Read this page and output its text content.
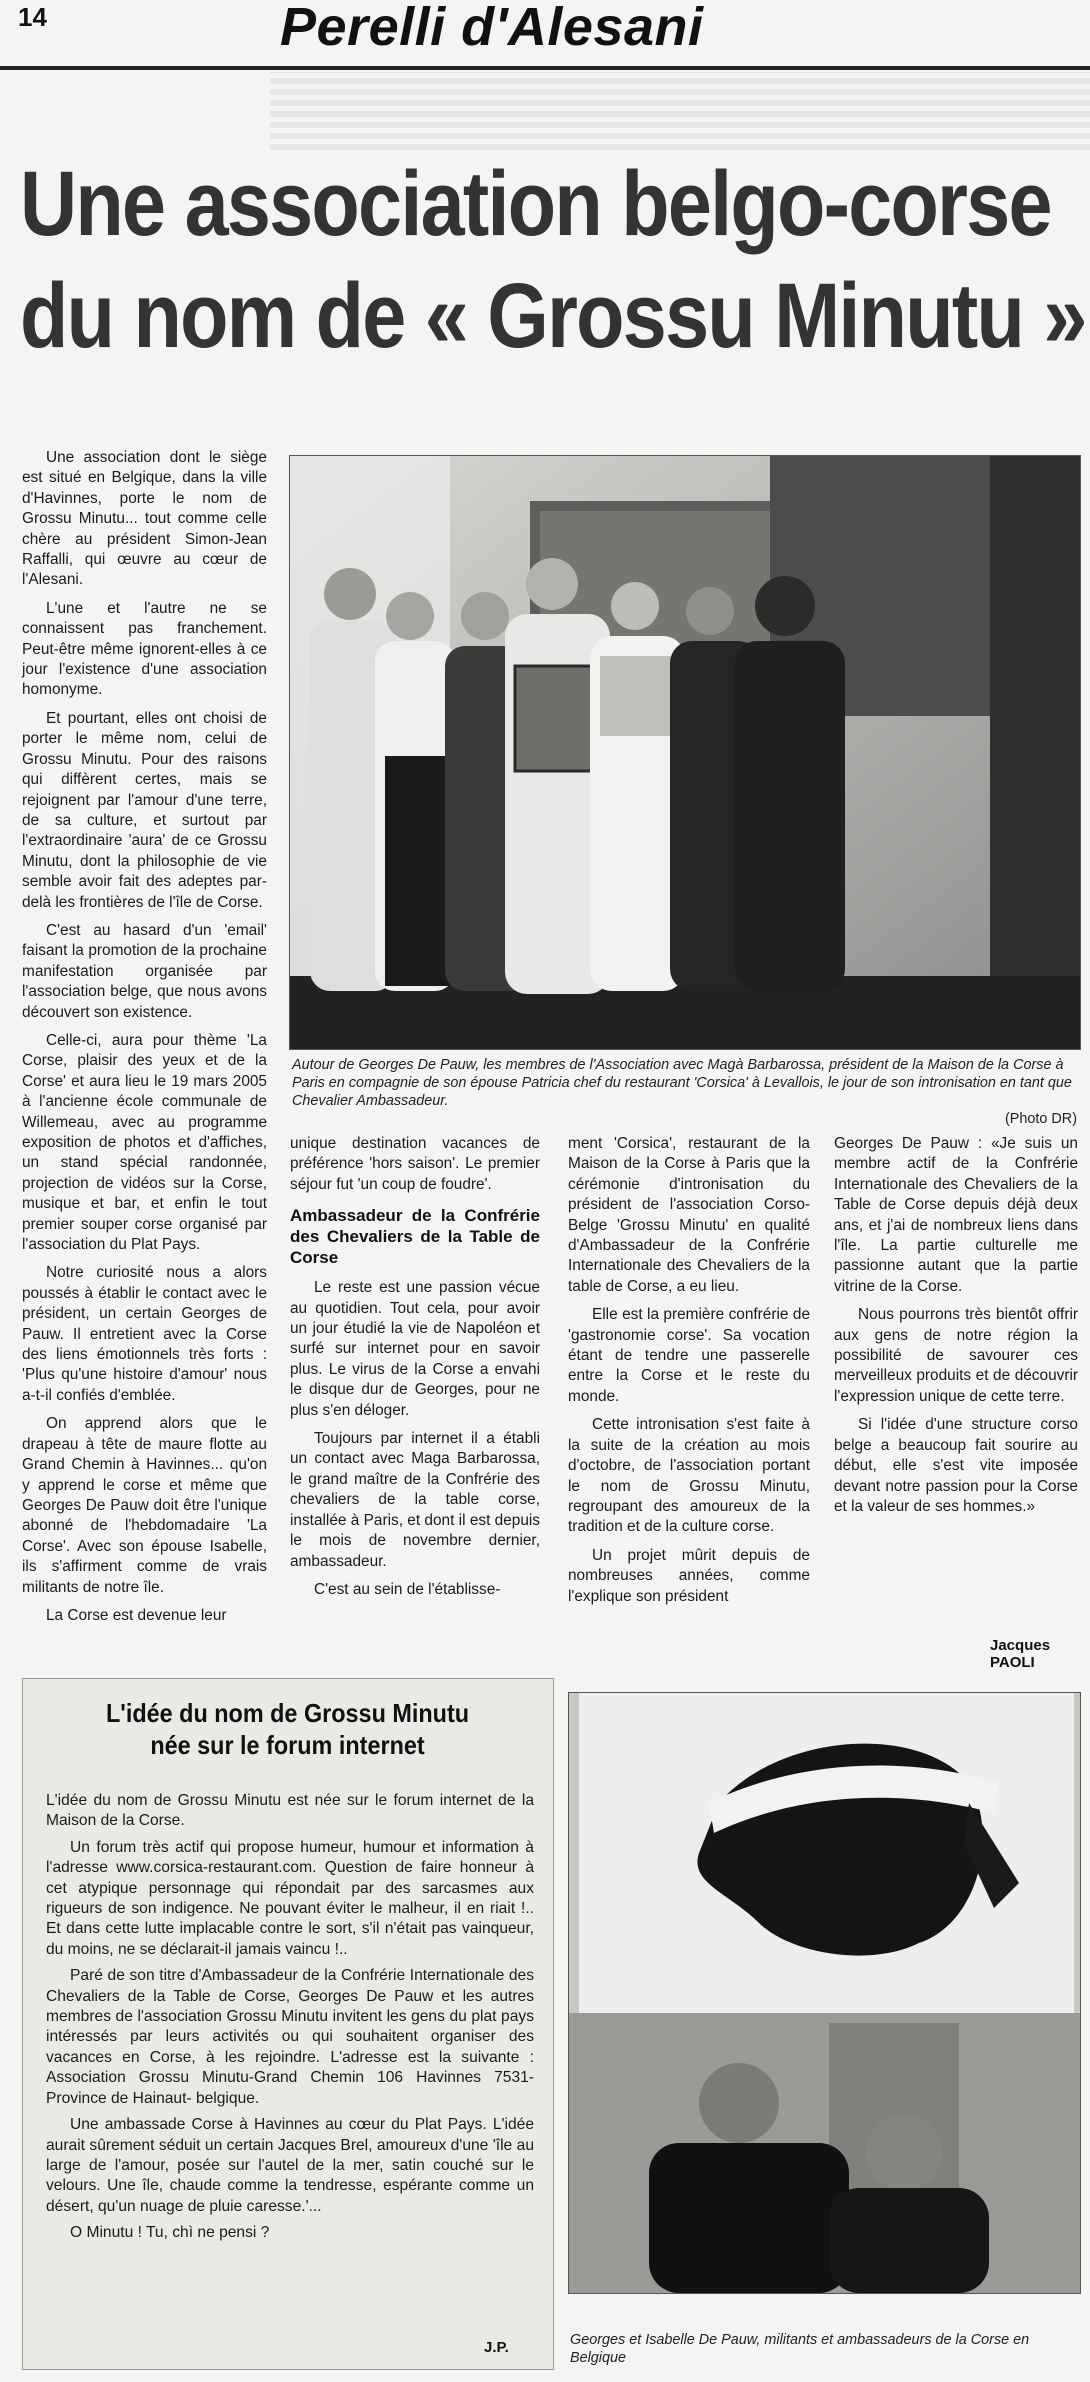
14	Perelli d'Alesani
Une association belgo-corse
du nom de « Grossu Minutu »

Une association dont le siège est situé en Belgique, dans la ville d'Havinnes, porte le nom de Grossu Minutu... tout comme celle chère au président Simon-Jean Raffalli, qui œuvre au cœur de l'Alesani.

L'une et l'autre ne se connaissent pas franchement. Peut-être même ignorent-elles à ce jour l'existence d'une association homonyme.

Et pourtant, elles ont choisi de porter le même nom, celui de Grossu Minutu. Pour des raisons qui diffèrent certes, mais se rejoignent par l'amour d'une terre, de sa culture, et surtout par l'extraordinaire 'aura' de ce Grossu Minutu, dont la philosophie de vie semble avoir fait des adeptes par-delà les frontières de l'île de Corse.

C'est au hasard d'un 'email' faisant la promotion de la prochaine manifestation organisée par l'association belge, que nous avons découvert son existence.

Celle-ci, aura pour thème 'La Corse, plaisir des yeux et de la Corse' et aura lieu le 19 mars 2005 à l'ancienne école communale de Willemeau, avec au programme exposition de photos et d'affiches, un stand spécial randonnée, projection de vidéos sur la Corse, musique et bar, et enfin le tout premier souper corse organisé par l'association du Plat Pays.

Notre curiosité nous a alors poussés à établir le contact avec le président, un certain Georges de Pauw. Il entretient avec la Corse des liens émotionnels très forts : 'Plus qu'une histoire d'amour' nous a-t-il confiés d'emblée.

On apprend alors que le drapeau à tête de maure flotte au Grand Chemin à Havinnes... qu'on y apprend le corse et même que Georges De Pauw doit être l'unique abonné de l'hebdomadaire 'La Corse'. Avec son épouse Isabelle, ils s'affirment comme de vrais militants de notre île.

La Corse est devenue leur

Autour de Georges De Pauw, les membres de l'Association avec Magà Barbarossa, président de la Maison de la Corse à Paris en compagnie de son épouse Patricia chef du restaurant 'Corsica' à Levallois, le jour de son intronisation en tant que Chevalier Ambassadeur.
(Photo DR)

unique destination vacances de préférence 'hors saison'. Le premier séjour fut 'un coup de foudre'.

Ambassadeur de la Confrérie des Chevaliers de la Table de Corse

Le reste est une passion vécue au quotidien. Tout cela, pour avoir un jour étudié la vie de Napoléon et surfé sur internet pour en savoir plus. Le virus de la Corse a envahi le disque dur de Georges, pour ne plus s'en déloger.

Toujours par internet il a établi un contact avec Maga Barbarossa, le grand maître de la Confrérie des chevaliers de la table corse, installée à Paris, et dont il est depuis le mois de novembre dernier, ambassadeur.

C'est au sein de l'établisse-

ment 'Corsica', restaurant de la Maison de la Corse à Paris que la cérémonie d'intronisation du président de l'association Corso-Belge 'Grossu Minutu' en qualité d'Ambassadeur de la Confrérie Internationale des Chevaliers de la table de Corse, a eu lieu.

Elle est la première confrérie de 'gastronomie corse'. Sa vocation étant de tendre une passerelle entre la Corse et le reste du monde.

Cette intronisation s'est faite à la suite de la création au mois d'octobre, de l'association portant le nom de Grossu Minutu, regroupant des amoureux de la tradition et de la culture corse.

Un projet mûrit depuis de nombreuses années, comme l'explique son président

Georges De Pauw : «Je suis un membre actif de la Confrérie Internationale des Chevaliers de la Table de Corse depuis déjà deux ans, et j'ai de nombreux liens dans l'île. La partie culturelle me passionne autant que la partie vitrine de la Corse.

Nous pourrons très bientôt offrir aux gens de notre région la possibilité de savourer ces merveilleux produits et de découvrir l'expression unique de cette terre.

Si l'idée d'une structure corso belge a beaucoup fait sourire au début, elle s'est vite imposée devant notre passion pour la Corse et la valeur de ses hommes.»

Jacques PAOLI
L'idée du nom de Grossu Minutu
née sur le forum internet

L'idée du nom de Grossu Minutu est née sur le forum internet de la Maison de la Corse.

Un forum très actif qui propose humeur, humour et information à l'adresse www.corsica-restaurant.com. Question de faire honneur à cet atypique personnage qui répondait par des sarcasmes aux rigueurs de son indigence. Ne pouvant éviter le malheur, il en riait !.. Et dans cette lutte implacable contre le sort, s'il n'était pas vainqueur, du moins, ne se déclarait-il jamais vaincu !..

Paré de son titre d'Ambassadeur de la Confrérie Internationale des Chevaliers de la Table de Corse, Georges De Pauw et les autres membres de l'association Grossu Minutu invitent les gens du plat pays intéressés par leurs activités ou qui souhaitent organiser des vacances en Corse, à les rejoindre. L'adresse est la suivante : Association Grossu Minutu-Grand Chemin 106 Havinnes 7531- Province de Hainaut- belgique.

Une ambassade Corse à Havinnes au cœur du Plat Pays. L'idée aurait sûrement séduit un certain Jacques Brel, amoureux d'une 'île au large de l'amour, posée sur l'autel de la mer, satin couché sur le velours. Une île, chaude comme la tendresse, espérante comme un désert, qu'un nuage de pluie caresse.'...

O Minutu ! Tu, chì ne pensi ?

J.P.	Georges et Isabelle De Pauw, militants et ambassadeurs de la Corse en Belgique
